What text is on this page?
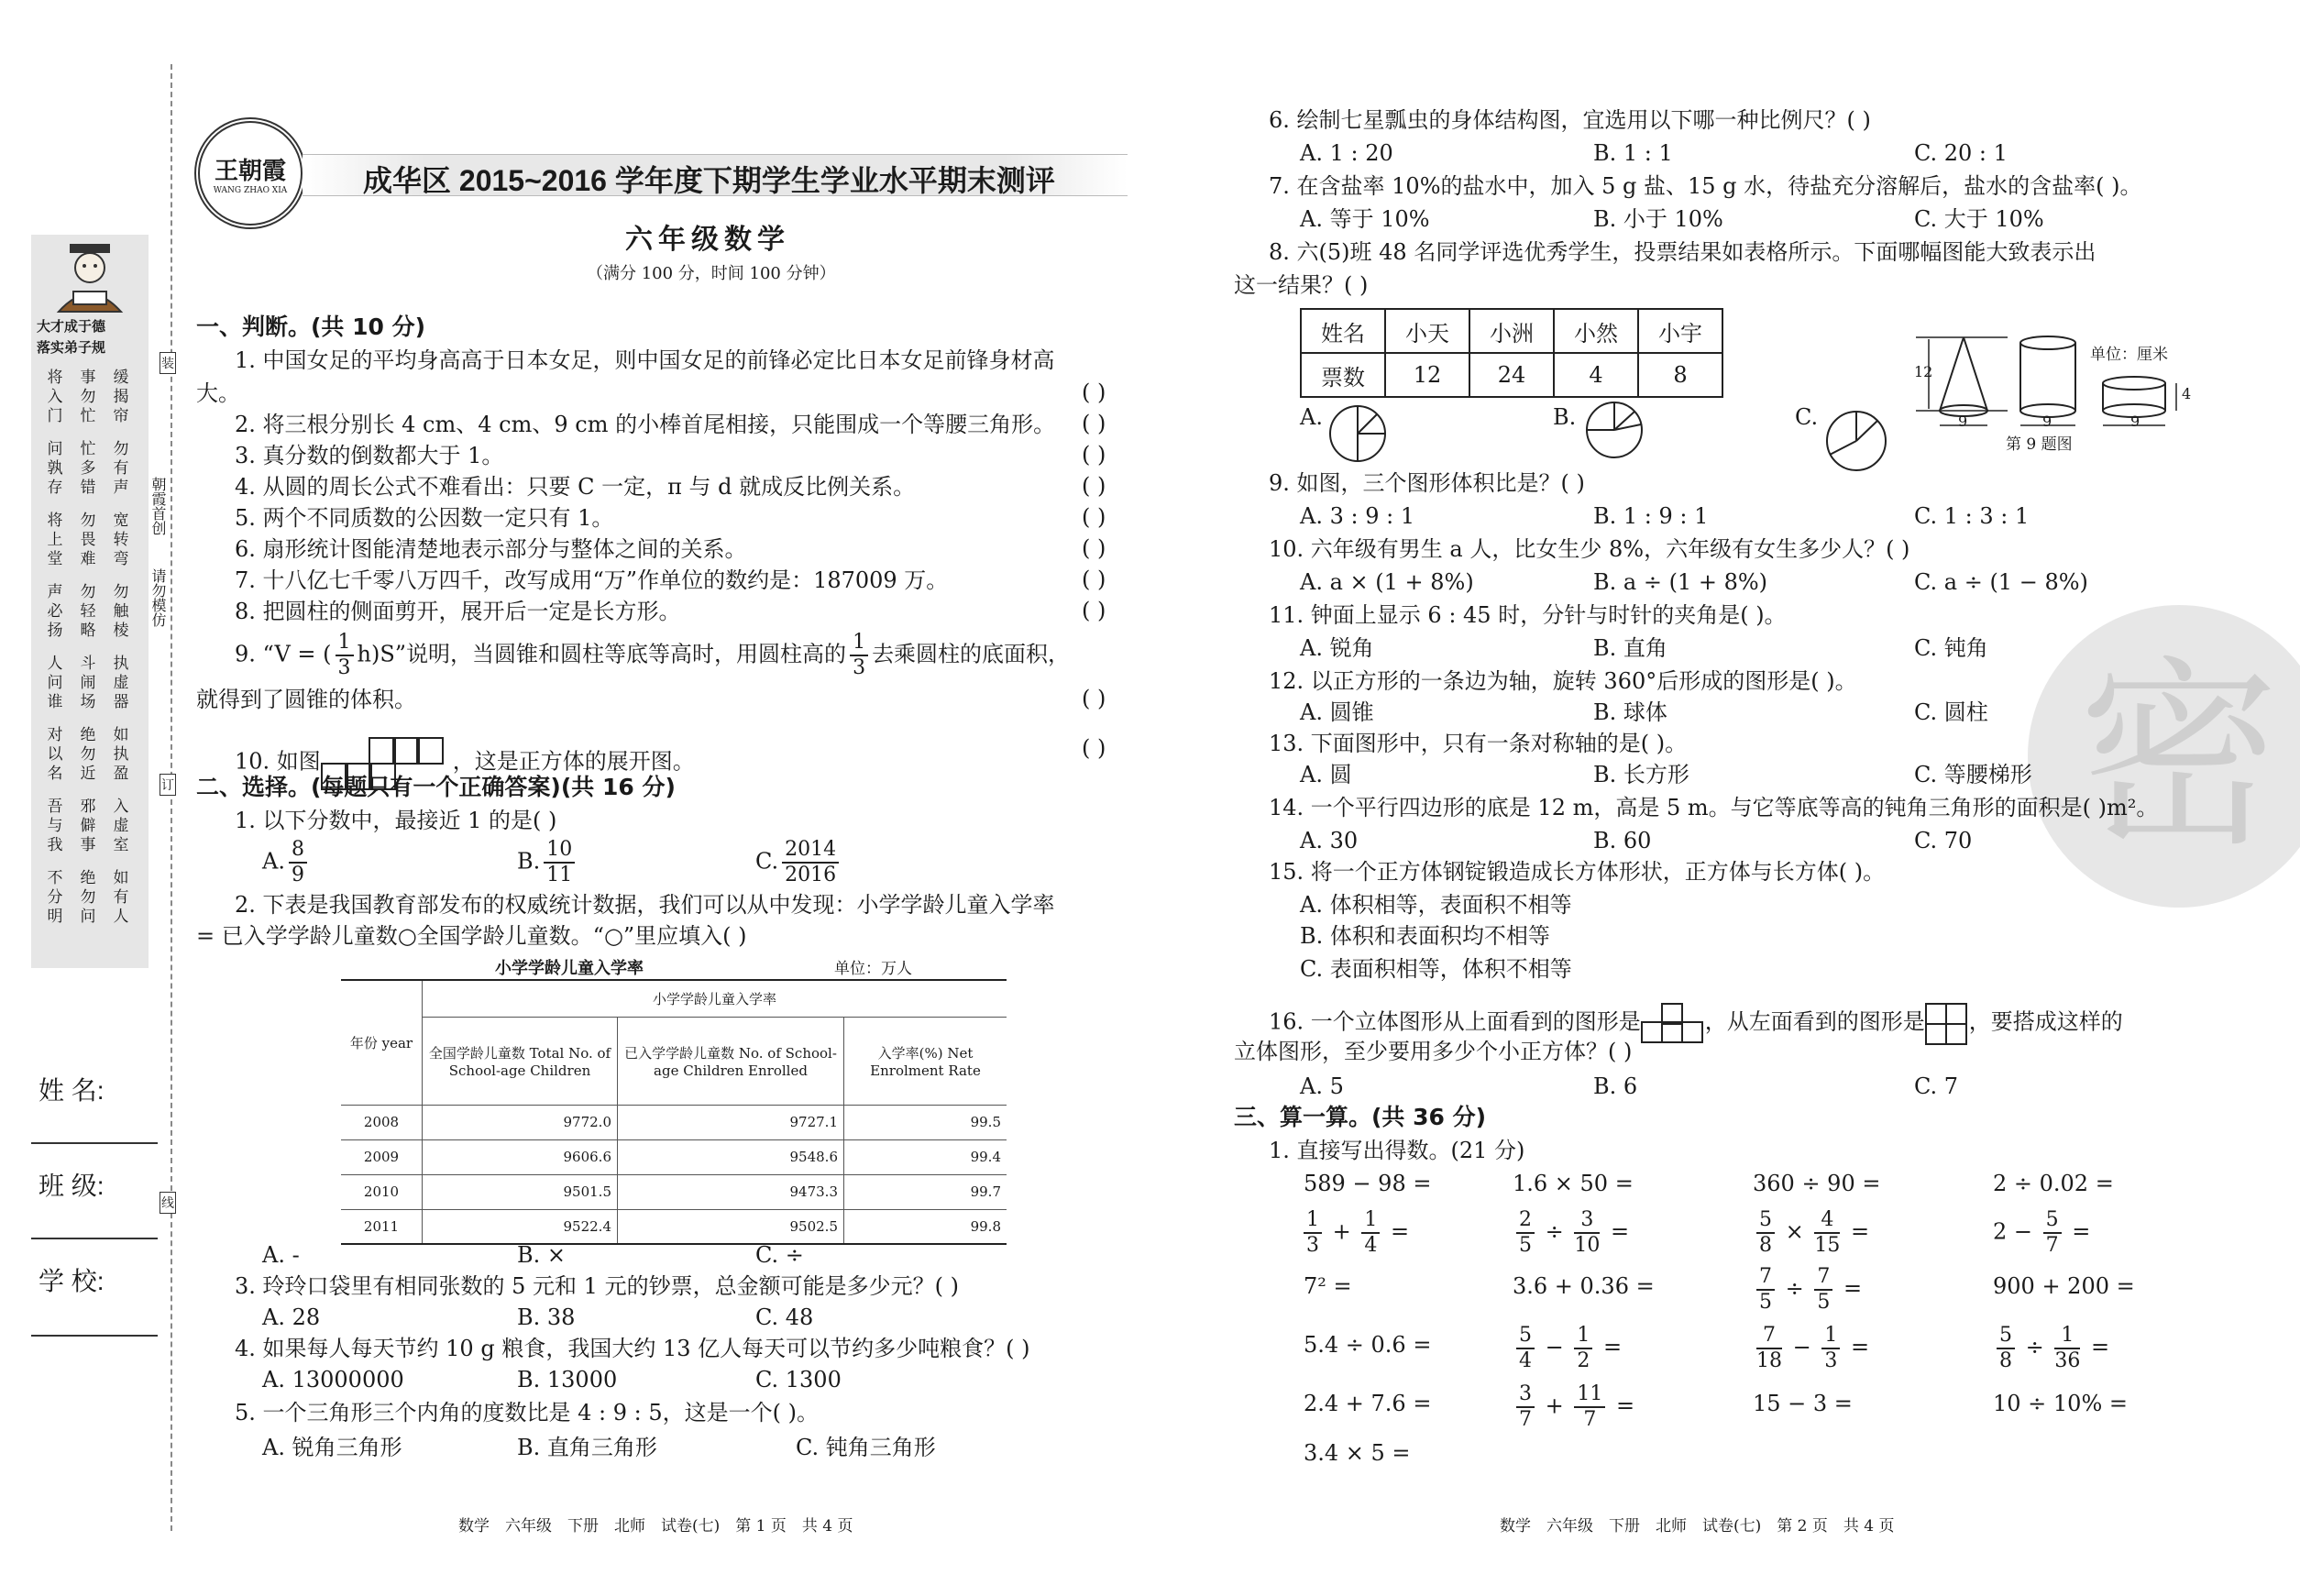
大才成于德
落实弟子规
将入门
事勿忙
缓揭帘
问孰存
忙多错
勿有声
将上堂
勿畏难
宽转弯
声必扬
勿轻略
勿触棱
人问谁
斗闹场
执虚器
对以名
绝勿近
如执盈
吾与我
邪僻事
入虚室
不分明
绝勿问
如有人
姓 名:
班 级:
学 校:
朝霞首创
请勿模仿
装
订
线
王朝霞
WANG ZHAO XIA	成华区 2015~2016 学年度下期学生学业水平期末测评
六年级数学
（满分 100 分，时间 100 分钟）
一、判断。(共 10 分)
1. 中国女足的平均身高高于日本女足，则中国女足的前锋必定比日本女足前锋身材高
大。
2. 将三根分别长 4 cm、4 cm、9 cm 的小棒首尾相接，只能围成一个等腰三角形。
3. 真分数的倒数都大于 1。
4. 从圆的周长公式不难看出：只要 C 一定，π 与 d 就成反比例关系。
5. 两个不同质数的公因数一定只有 1。
6. 扇形统计图能清楚地表示部分与整体之间的关系。
7. 十八亿七千零八万四千，改写成用“万”作单位的数约是：187009 万。
8. 把圆柱的侧面剪开，展开后一定是长方形。
9. “V = ( $\frac{1}{3} h)S$”说明，当圆锥和圆柱等底等高时，用圆柱高的 $\frac{1}{3}$ 去乘圆柱的底面积，
就得到了圆锥的体积。
10. 如图	，这是正方体的展开图。
( )
( )
( )
( )
( )
( )
( )
( )
( )
( )
二、选择。(每题只有一个正确答案)(共 16 分)
1. 以下分数中，最接近 1 的是( )
A. $\frac{8}{9}$	B. $\frac{10}{11}$	C. $\frac{2014}{2016}$
2. 下表是我国教育部发布的权威统计数据，我们可以从中发现：小学学龄儿童入学率
= 已入学学龄儿童数○全国学龄儿童数。“○”里应填入( )
小学学龄儿童入学率	单位：万人
年份 year	小学学龄儿童入学率		
	全国学龄儿童数 Total No. of School-age Children	已入学学龄儿童数 No. of School-age Children Enrolled	入学率(%) Net Enrolment Rate
2008	9772.0	9727.1	99.5
2009	9606.6	9548.6	99.4
2010	9501.5	9473.3	99.7
2011	9522.4	9502.5	99.8
A. -	B. ×	C. ÷
3. 玲玲口袋里有相同张数的 5 元和 1 元的钞票，总金额可能是多少元？( )
A. 28	B. 38	C. 48
4. 如果每人每天节约 10 g 粮食，我国大约 13 亿人每天可以节约多少吨粮食？( )
A. 13000000	B. 13000	C. 1300
5. 一个三角形三个内角的度数比是 4 : 9 : 5，这是一个( )。
A. 锐角三角形	B. 直角三角形	C. 钝角三角形
数学　六年级　下册　北师　试卷(七)　第 1 页　共 4 页
密
6. 绘制七星瓢虫的身体结构图，宜选用以下哪一种比例尺？( )
A. 1 : 20	B. 1 : 1	C. 20 : 1
7. 在含盐率 10%的盐水中，加入 5 g 盐、15 g 水，待盐充分溶解后，盐水的含盐率( )。
A. 等于 10%	B. 小于 10%	C. 大于 10%
8. 六(5)班 48 名同学评选优秀学生，投票结果如表格所示。下面哪幅图能大致表示出
这一结果？( )
姓名	小天	小洲	小然	小宇
票数	12	24	4	8
A.	B.	C.
单位：厘米
12
9	9	9
4
第 9 题图
9. 如图，三个图形体积比是？( )
A. 3 : 9 : 1	B. 1 : 9 : 1	C. 1 : 3 : 1
10. 六年级有男生 a 人，比女生少 8%，六年级有女生多少人？( )
A. a × (1 + 8%)	B. a ÷ (1 + 8%)	C. a ÷ (1 − 8%)
11. 钟面上显示 6 : 45 时，分针与时针的夹角是( )。
A. 锐角	B. 直角	C. 钝角
12. 以正方形的一条边为轴，旋转 360°后形成的图形是( )。
A. 圆锥	B. 球体	C. 圆柱
13. 下面图形中，只有一条对称轴的是( )。
A. 圆	B. 长方形	C. 等腰梯形
14. 一个平行四边形的底是 12 m，高是 5 m。与它等底等高的钝角三角形的面积是( )m²。
A. 30	B. 60	C. 70
15. 将一个正方体钢锭锻造成长方体形状，正方体与长方体( )。
A. 体积相等，表面积不相等
B. 体积和表面积均不相等
C. 表面积相等，体积不相等
16. 一个立体图形从上面看到的图形是	，从左面看到的图形是 ，要搭成这样的
立体图形，至少要用多少个小正方体？( )
A. 5	B. 6	C. 7
三、算一算。(共 36 分)
1. 直接写出得数。(21 分)
589 − 98 =	1.6 × 50 =	360 ÷ 90 =	2 ÷ 0.02 =
$\frac{1}{3} + \frac{1}{4}$ =	$\frac{2}{5} \div \frac{3}{10}$ =	$\frac{5}{8} \times \frac{4}{15}$ =	$2 - \frac{5}{7}$ =
7² =	3.6 + 0.36 =	$\frac{7}{5} \div \frac{7}{5}$ =	900 + 200 =
5.4 ÷ 0.6 =	$\frac{5}{4} - \frac{1}{2}$ =	$\frac{7}{18} - \frac{1}{3}$ =	$\frac{5}{8} \div \frac{1}{36}$ =
2.4 + 7.6 =	$\frac{3}{7} + \frac{11}{7}$ =	15 − 3 =	10 ÷ 10% =
3.4 × 5 =
数学　六年级　下册　北师　试卷(七)　第 2 页　共 4 页
